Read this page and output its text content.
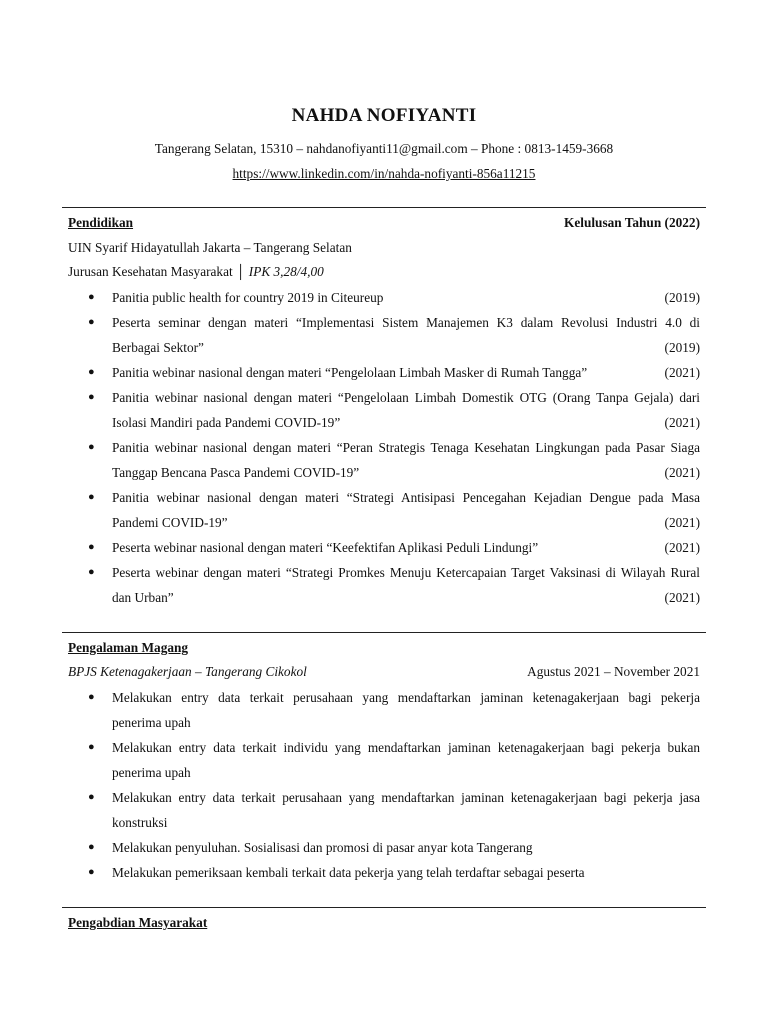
NAHDA NOFIYANTI
Tangerang Selatan, 15310 – nahdanofiyanti11@gmail.com – Phone : 0813-1459-3668
https://www.linkedin.com/in/nahda-nofiyanti-856a11215
Pendidikan	Kelulusan Tahun (2022)
UIN Syarif Hidayatullah Jakarta – Tangerang Selatan
Jurusan Kesehatan Masyarakat │ IPK 3,28/4,00
● Panitia public health for country 2019 in Citeureup	(2019)
● Peserta seminar dengan materi “Implementasi Sistem Manajemen K3 dalam Revolusi Industri 4.0 di
Berbagai Sektor”	(2019)
● Panitia webinar nasional dengan materi “Pengelolaan Limbah Masker di Rumah Tangga”	(2021)
● Panitia webinar nasional dengan materi “Pengelolaan Limbah Domestik OTG (Orang Tanpa Gejala) dari
Isolasi Mandiri pada Pandemi COVID-19”	(2021)
● Panitia webinar nasional dengan materi “Peran Strategis Tenaga Kesehatan Lingkungan pada Pasar Siaga
Tanggap Bencana Pasca Pandemi COVID-19”	(2021)
● Panitia webinar nasional dengan materi “Strategi Antisipasi Pencegahan Kejadian Dengue pada Masa
Pandemi COVID-19”	(2021)
● Peserta webinar nasional dengan materi “Keefektifan Aplikasi Peduli Lindungi”	(2021)
● Peserta webinar dengan materi “Strategi Promkes Menuju Ketercapaian Target Vaksinasi di Wilayah Rural
dan Urban”	(2021)
Pengalaman Magang
BPJS Ketenagakerjaan – Tangerang Cikokol	Agustus 2021 – November 2021
● Melakukan entry data terkait perusahaan yang mendaftarkan jaminan ketenagakerjaan bagi pekerja
penerima upah
● Melakukan entry data terkait individu yang mendaftarkan jaminan ketenagakerjaan bagi pekerja bukan
penerima upah
● Melakukan entry data terkait perusahaan yang mendaftarkan jaminan ketenagakerjaan bagi pekerja jasa
konstruksi
● Melakukan penyuluhan. Sosialisasi dan promosi di pasar anyar kota Tangerang
● Melakukan pemeriksaan kembali terkait data pekerja yang telah terdaftar sebagai peserta
Pengabdian Masyarakat
